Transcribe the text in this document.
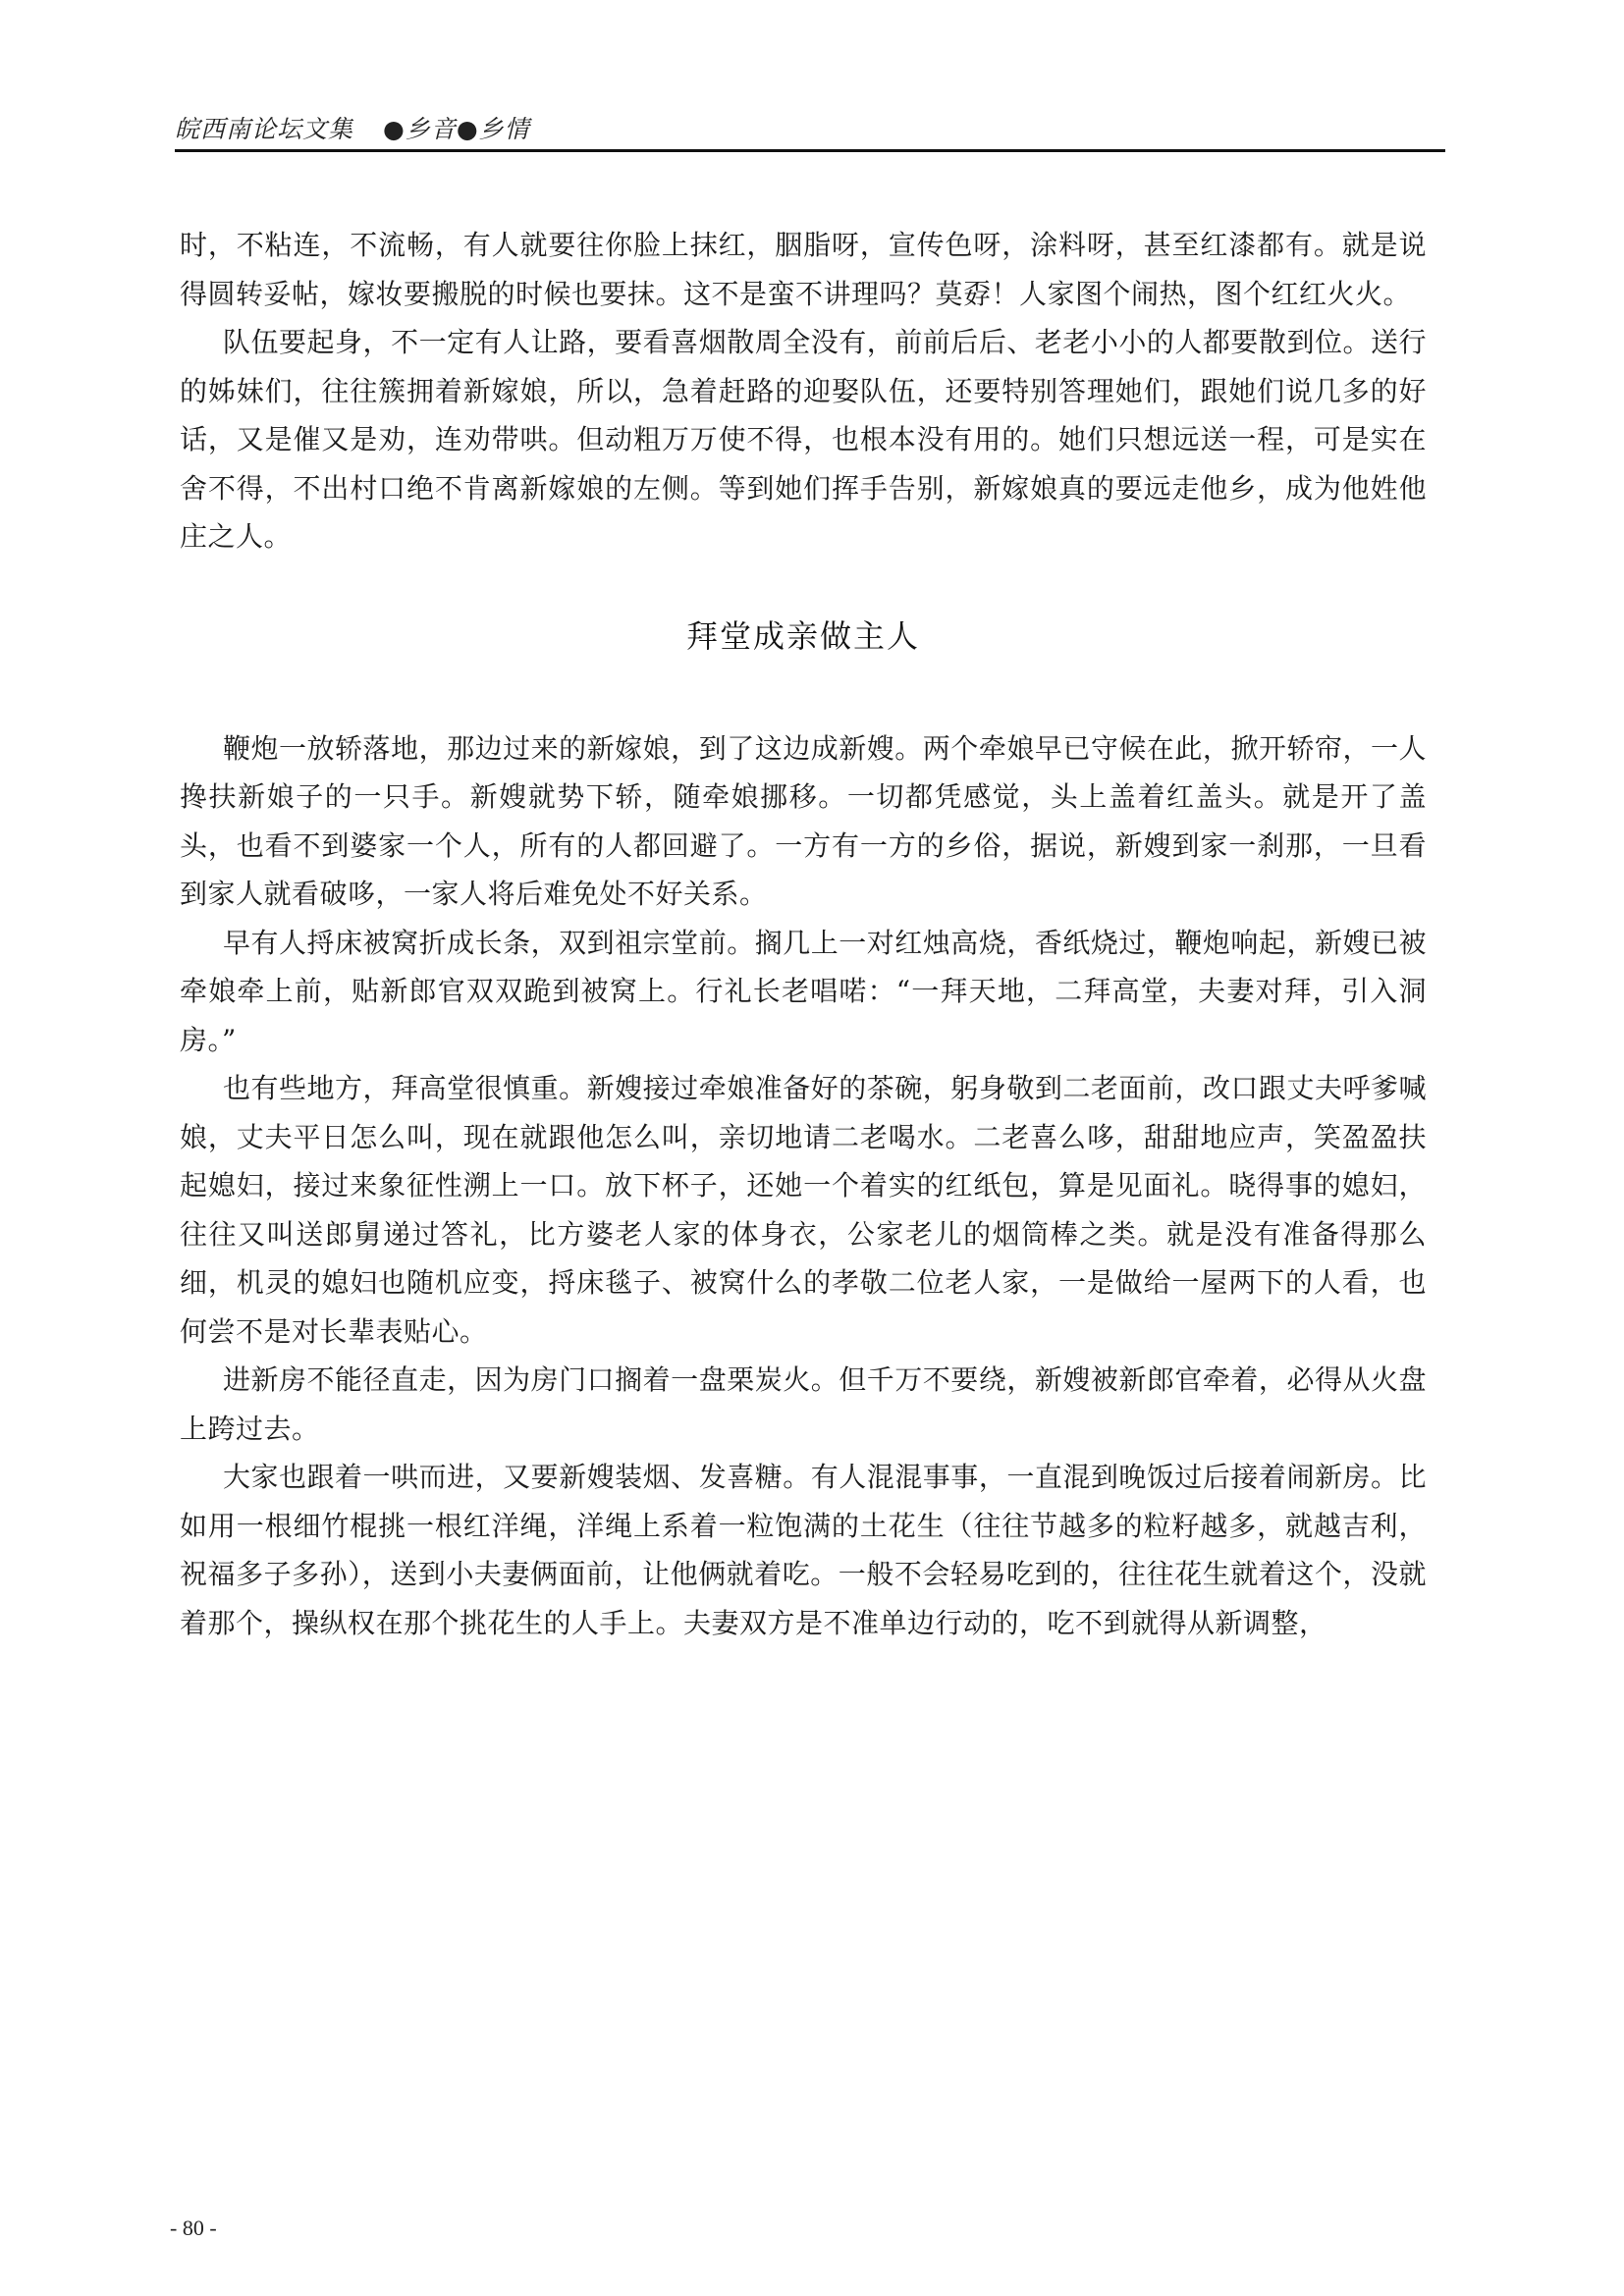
皖西南论坛文集 ●乡音●乡情

时，不粘连，不流畅，有人就要往你脸上抹红，胭脂呀，宣传色呀，涂料呀，甚至红漆都有。就是说得圆转妥帖，嫁妆要搬脱的时候也要抹。这不是蛮不讲理吗？莫孬！人家图个闹热，图个红红火火。

队伍要起身，不一定有人让路，要看喜烟散周全没有，前前后后、老老小小的人都要散到位。送行的姊妹们，往往簇拥着新嫁娘，所以，急着赶路的迎娶队伍，还要特别答理她们，跟她们说几多的好话，又是催又是劝，连劝带哄。但动粗万万使不得，也根本没有用的。她们只想远送一程，可是实在舍不得，不出村口绝不肯离新嫁娘的左侧。等到她们挥手告别，新嫁娘真的要远走他乡，成为他姓他庄之人。

拜堂成亲做主人

鞭炮一放轿落地，那边过来的新嫁娘，到了这边成新嫂。两个牵娘早已守候在此，掀开轿帘，一人搀扶新娘子的一只手。新嫂就势下轿，随牵娘挪移。一切都凭感觉，头上盖着红盖头。就是开了盖头，也看不到婆家一个人，所有的人都回避了。一方有一方的乡俗，据说，新嫂到家一刹那，一旦看到家人就看破哆，一家人将后难免处不好关系。

早有人捋床被窝折成长条，双到祖宗堂前。搁几上一对红烛高烧，香纸烧过，鞭炮响起，新嫂已被牵娘牵上前，贴新郎官双双跪到被窝上。行礼长老唱喏：“一拜天地，二拜高堂，夫妻对拜，引入洞房。”

也有些地方，拜高堂很慎重。新嫂接过牵娘准备好的茶碗，躬身敬到二老面前，改口跟丈夫呼爹喊娘，丈夫平日怎么叫，现在就跟他怎么叫，亲切地请二老喝水。二老喜么哆，甜甜地应声，笑盈盈扶起媳妇，接过来象征性溯上一口。放下杯子，还她一个着实的红纸包，算是见面礼。晓得事的媳妇，往往又叫送郎舅递过答礼，比方婆老人家的体身衣，公家老儿的烟筒棒之类。就是没有准备得那么细，机灵的媳妇也随机应变，捋床毯子、被窝什么的孝敬二位老人家，一是做给一屋两下的人看，也何尝不是对长辈表贴心。

进新房不能径直走，因为房门口搁着一盘栗炭火。但千万不要绕，新嫂被新郎官牵着，必得从火盘上跨过去。

大家也跟着一哄而进，又要新嫂装烟、发喜糖。有人混混事事，一直混到晚饭过后接着闹新房。比如用一根细竹棍挑一根红洋绳，洋绳上系着一粒饱满的土花生（往往节越多的粒籽越多，就越吉利，祝福多子多孙），送到小夫妻俩面前，让他俩就着吃。一般不会轻易吃到的，往往花生就着这个，没就着那个，操纵权在那个挑花生的人手上。夫妻双方是不准单边行动的，吃不到就得从新调整，

- 80 -
